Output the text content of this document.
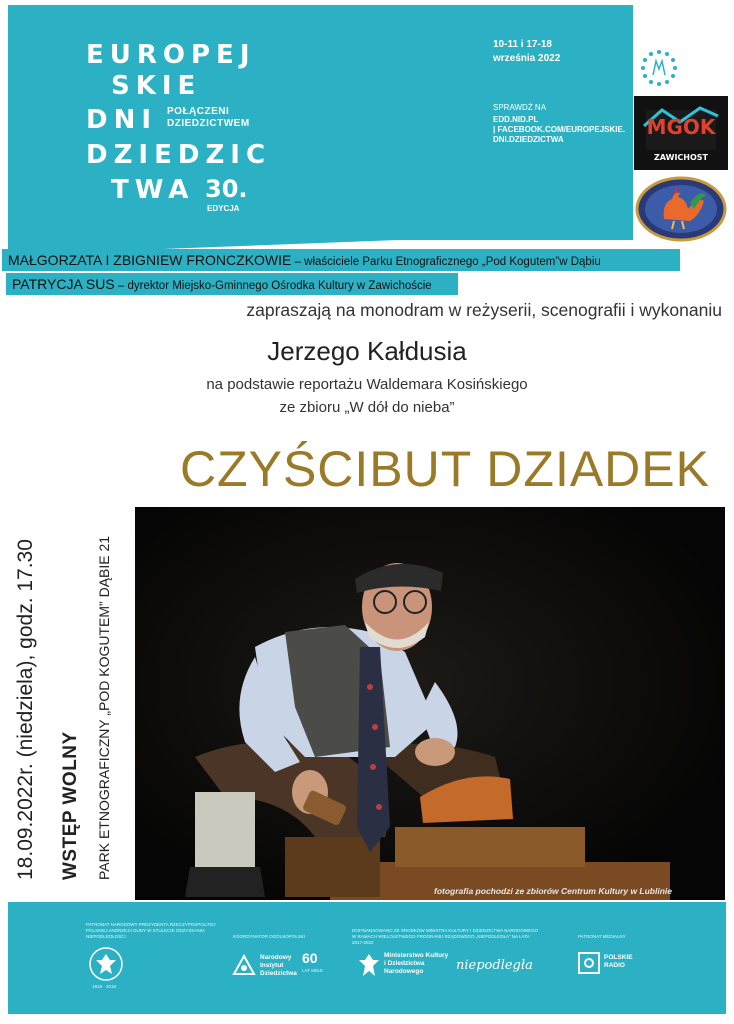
EUROPEJ
SKIE
DNI POŁĄCZENI
DZIEDZICTWEM
DZIEDZIC
TWA 30.
EDYCJA
10-11 i 17-18
września 2022
SPRAWDŹ NA
EDD.NID.PL
| FACEBOOK.COM/EUROPEJSKIE.
DNI.DZIEDZICTWA
MGOK
ZAWICHOST
MAŁGORZATA I ZBIGNIEW FRONCZKOWIE – właściciele Parku Etnograficznego „Pod Kogutem”w Dąbiu
PATRYCJA SUS – dyrektor Miejsko-Gminnego Ośrodka Kultury w Zawichoście
zapraszają na monodram w reżyserii, scenografii i wykonaniu
Jerzego Kałdusia
na podstawie reportażu Waldemara Kosińskiego
ze zbioru „W dół do nieba”
CZYŚCIBUT DZIADEK
18.09.2022r. (niedziela), godz. 17.30 WSTĘP WOLNY PARK ETNOGRAFICZNY „POD KOGUTEM” DĄBIE 21
fotografia pochodzi ze zbiorów Centrum Kultury w Lublinie
PATRONAT NARODOWY PREZYDENTA RZECZYPOSPOLITEJ POLSKIEJ ANDRZEJA DUDY W STULECIE ODZYSKANIA NIEPODLEGŁOŚCI	KOORDYNATOR OGÓLNOPOLSKI
DOFINANSOWANO ZE ŚRODKÓW MINISTRA KULTURY I DZIEDZICTWA NARODOWEGO W RAMACH WIELOLETNIEGO PROGRAMU RZĄDOWEGO „NIEPODLEGŁA” NA LATA 2017-2022
PATRONAT MEDIALNY
1918 · 2018
Narodowy Instytut Dziedzictwa
60
LAT MISJI
Ministerstwo Kultury i Dziedzictwa Narodowego	niepodległa
POLSKIE RADIO
